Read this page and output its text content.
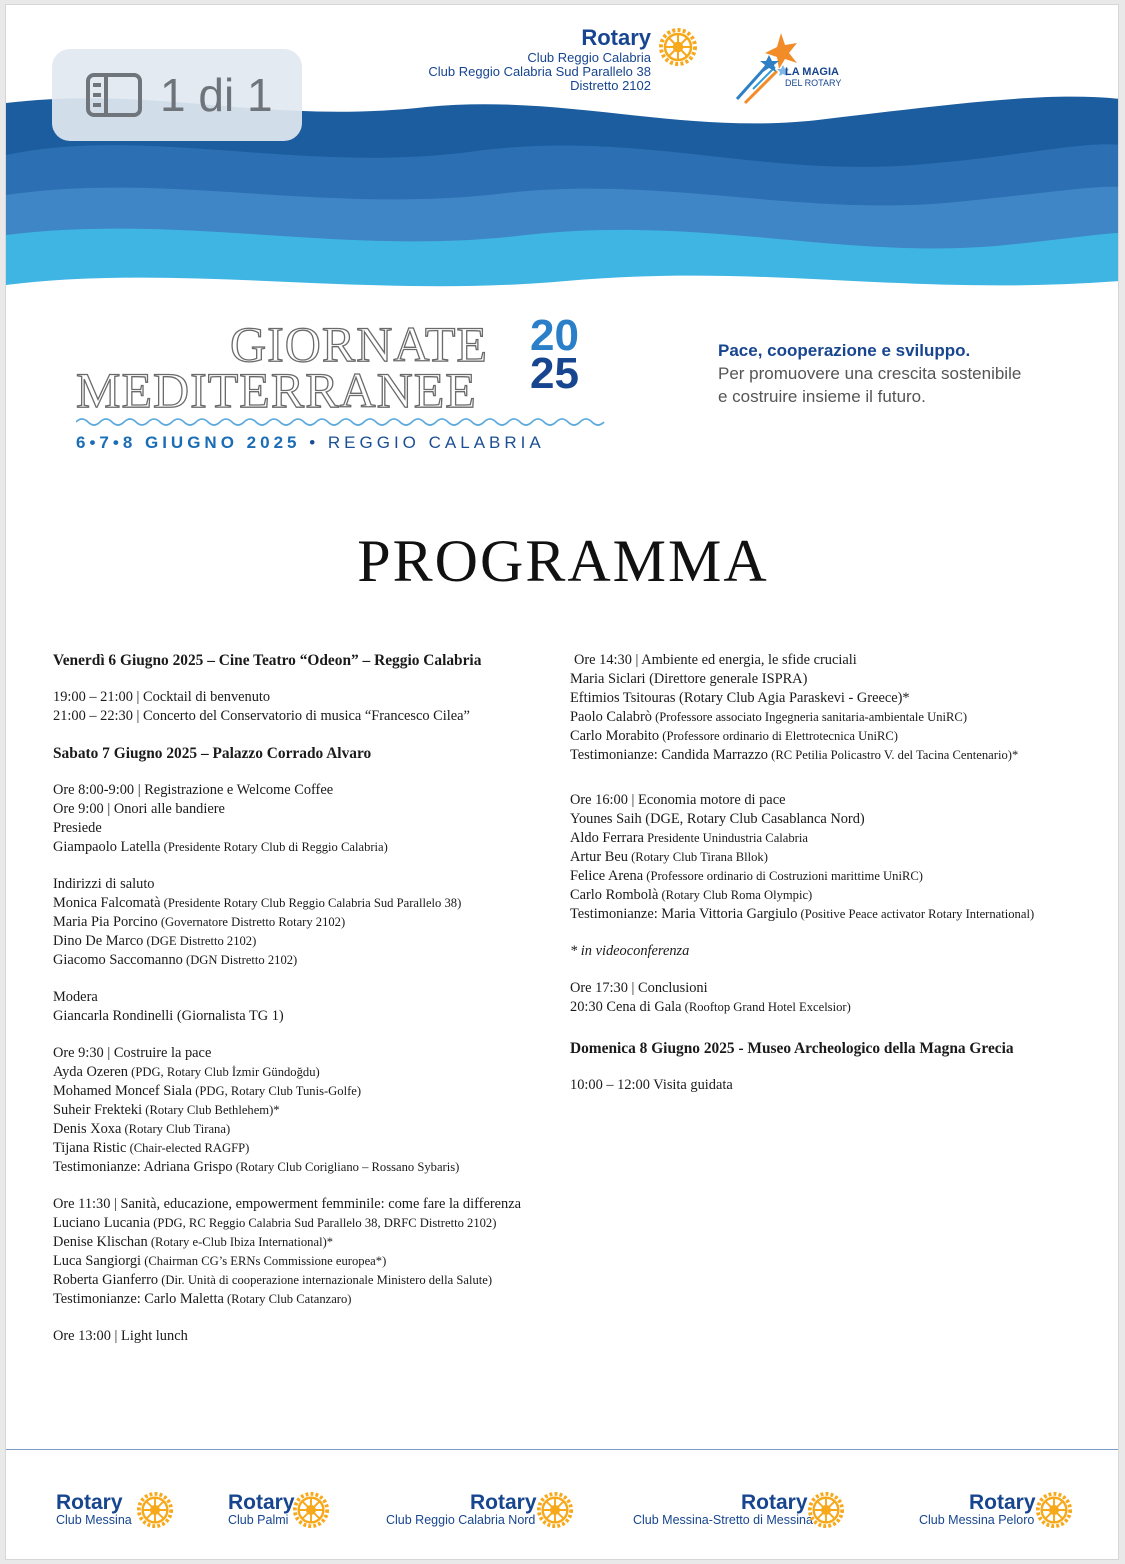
Rotary
Club Reggio Calabria
Club Reggio Calabria Sud Parallelo 38
Distretto 2102
LA MAGIA
DEL ROTARY
GIORNATE
MEDITERRANEE
20
25
6•7•8 GIUGNO 2025 • REGGIO CALABRIA
Pace, cooperazione e sviluppo.
Per promuovere una crescita sostenibile
e costruire insieme il futuro.
PROGRAMMA

Venerdì 6 Giugno 2025 – Cine Teatro “Odeon” – Reggio Calabria

19:00 – 21:00 | Cocktail di benvenuto

21:00 – 22:30 | Concerto del Conservatorio di musica “Francesco Cilea”

Sabato 7 Giugno 2025 – Palazzo Corrado Alvaro

Ore 8:00-9:00 | Registrazione e Welcome Coffee

Ore 9:00 | Onori alle bandiere

Presiede

Giampaolo Latella (Presidente Rotary Club di Reggio Calabria)

Indirizzi di saluto

Monica Falcomatà (Presidente Rotary Club Reggio Calabria Sud Parallelo 38)

Maria Pia Porcino (Governatore Distretto Rotary 2102)

Dino De Marco (DGE Distretto 2102)

Giacomo Saccomanno (DGN Distretto 2102)

Modera

Giancarla Rondinelli (Giornalista TG 1)

Ore 9:30 | Costruire la pace

Ayda Ozeren (PDG, Rotary Club İzmir Gündoğdu)

Mohamed Moncef Siala (PDG, Rotary Club Tunis-Golfe)

Suheir Frekteki (Rotary Club Bethlehem)*

Denis Xoxa (Rotary Club Tirana)

Tijana Ristic (Chair-elected RAGFP)

Testimonianze: Adriana Grispo (Rotary Club Corigliano – Rossano Sybaris)

Ore 11:30 | Sanità, educazione, empowerment femminile: come fare la differenza

Luciano Lucania (PDG, RC Reggio Calabria Sud Parallelo 38, DRFC Distretto 2102)

Denise Klischan (Rotary e-Club Ibiza International)*

Luca Sangiorgi (Chairman CG’s ERNs Commissione europea*)

Roberta Gianferro (Dir. Unità di cooperazione internazionale Ministero della Salute)

Testimonianze: Carlo Maletta (Rotary Club Catanzaro)

Ore 13:00 | Light lunch

Ore 14:30 | Ambiente ed energia, le sfide cruciali

Maria Siclari (Direttore generale ISPRA)

Eftimios Tsitouras (Rotary Club Agia Paraskevi - Greece)*

Paolo Calabrò (Professore associato Ingegneria sanitaria-ambientale UniRC)

Carlo Morabito (Professore ordinario di Elettrotecnica UniRC)

Testimonianze: Candida Marrazzo (RC Petilia Policastro V. del Tacina Centenario)*

Ore 16:00 | Economia motore di pace

Younes Saih (DGE, Rotary Club Casablanca Nord)

Aldo Ferrara Presidente Unindustria Calabria

Artur Beu (Rotary Club Tirana Bllok)

Felice Arena (Professore ordinario di Costruzioni marittime UniRC)

Carlo Rombolà (Rotary Club Roma Olympic)

Testimonianze: Maria Vittoria Gargiulo (Positive Peace activator Rotary International)

* in videoconferenza

Ore 17:30 | Conclusioni

20:30 Cena di Gala (Rooftop Grand Hotel Excelsior)

Domenica 8 Giugno 2025 - Museo Archeologico della Magna Grecia

10:00 – 12:00 Visita guidata

Rotary
Club Messina
Rotary
Club Palmi
Rotary
Club Reggio Calabria Nord
Rotary
Club Messina-Stretto di Messina
Rotary
Club Messina Peloro
1 di 1
